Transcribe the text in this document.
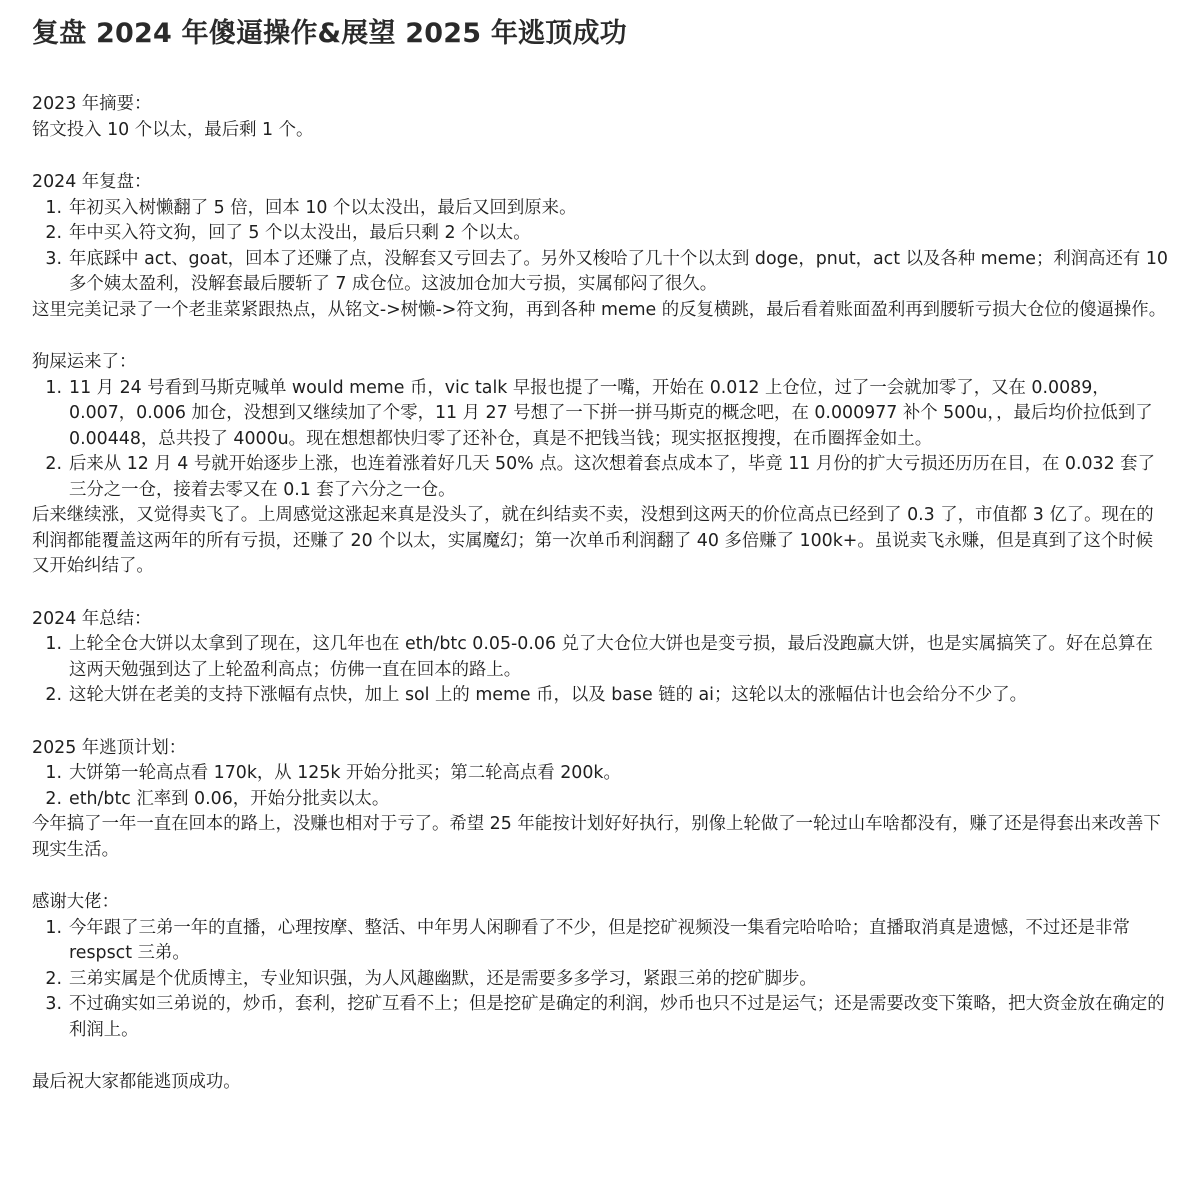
复盘 2024 年傻逼操作&展望 2025 年逃顶成功

2023 年摘要：

铭文投入 10 个以太，最后剩 1 个。

2024 年复盘：

1. 年初买入树懒翻了 5 倍，回本 10 个以太没出，最后又回到原来。
2. 年中买入符文狗，回了 5 个以太没出，最后只剩 2 个以太。
3. 年底踩中 act、goat，回本了还赚了点，没解套又亏回去了。另外又梭哈了几十个以太到 doge，pnut，act 以及各种 meme；利润高还有 10 多个姨太盈利，没解套最后腰斩了 7 成仓位。这波加仓加大亏损，实属郁闷了很久。

这里完美记录了一个老韭菜紧跟热点，从铭文->树懒->符文狗，再到各种 meme 的反复横跳，最后看着账面盈利再到腰斩亏损大仓位的傻逼操作。

狗屎运来了：

1. 11 月 24 号看到马斯克喊单 would meme 币，vic talk 早报也提了一嘴，开始在 0.012 上仓位，过了一会就加零了，又在 0.0089，0.007，0.006 加仓，没想到又继续加了个零，11 月 27 号想了一下拼一拼马斯克的概念吧，在 0.000977 补个 500u，，最后均价拉低到了 0.00448，总共投了 4000u。现在想想都快归零了还补仓，真是不把钱当钱；现实抠抠搜搜，在币圈挥金如土。
2. 后来从 12 月 4 号就开始逐步上涨，也连着涨着好几天 50% 点。这次想着套点成本了，毕竟 11 月份的扩大亏损还历历在目，在 0.032 套了三分之一仓，接着去零又在 0.1 套了六分之一仓。

后来继续涨，又觉得卖飞了。上周感觉这涨起来真是没头了，就在纠结卖不卖，没想到这两天的价位高点已经到了 0.3 了，市值都 3 亿了。现在的利润都能覆盖这两年的所有亏损，还赚了 20 个以太，实属魔幻；第一次单币利润翻了 40 多倍赚了 100k+。虽说卖飞永赚，但是真到了这个时候又开始纠结了。

2024 年总结：

1. 上轮全仓大饼以太拿到了现在，这几年也在 eth/btc 0.05-0.06 兑了大仓位大饼也是变亏损，最后没跑赢大饼，也是实属搞笑了。好在总算在这两天勉强到达了上轮盈利高点；仿佛一直在回本的路上。
2. 这轮大饼在老美的支持下涨幅有点快，加上 sol 上的 meme 币，以及 base 链的 ai；这轮以太的涨幅估计也会给分不少了。

2025 年逃顶计划：

1. 大饼第一轮高点看 170k，从 125k 开始分批买；第二轮高点看 200k。
2. eth/btc 汇率到 0.06，开始分批卖以太。

今年搞了一年一直在回本的路上，没赚也相对于亏了。希望 25 年能按计划好好执行，别像上轮做了一轮过山车啥都没有，赚了还是得套出来改善下现实生活。

感谢大佬：

1. 今年跟了三弟一年的直播，心理按摩、整活、中年男人闲聊看了不少，但是挖矿视频没一集看完哈哈哈；直播取消真是遗憾，不过还是非常 respsct 三弟。
2. 三弟实属是个优质博主，专业知识强，为人风趣幽默，还是需要多多学习，紧跟三弟的挖矿脚步。
3. 不过确实如三弟说的，炒币，套利，挖矿互看不上；但是挖矿是确定的利润，炒币也只不过是运气；还是需要改变下策略，把大资金放在确定的利润上。

最后祝大家都能逃顶成功。
